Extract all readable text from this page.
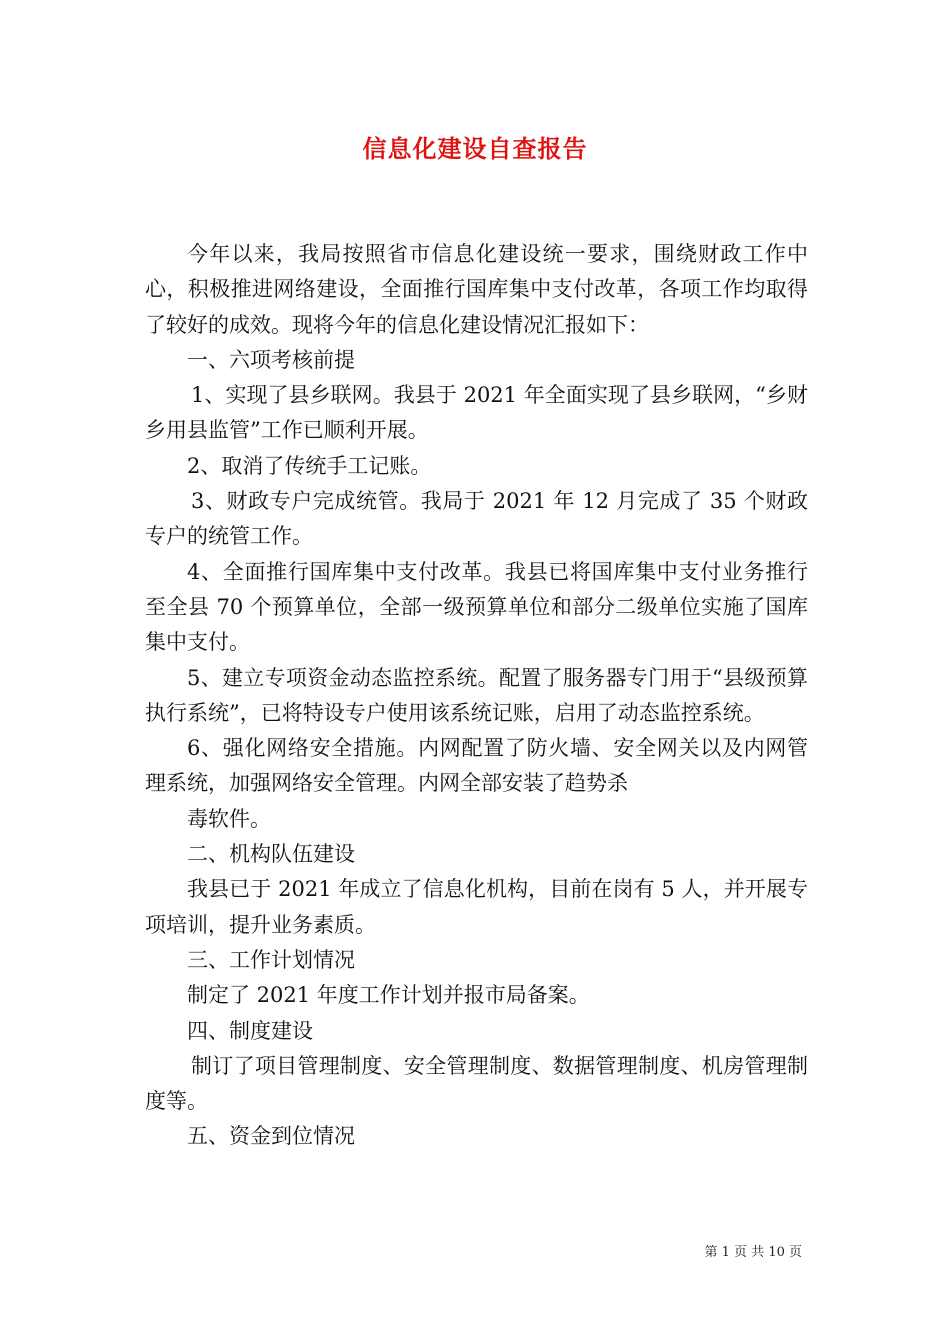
信息化建设自查报告

今年以来，我局按照省市信息化建设统一要求，围绕财政工作中心，积极推进网络建设，全面推行国库集中支付改革，各项工作均取得了较好的成效。现将今年的信息化建设情况汇报如下：

一、六项考核前提

1、实现了县乡联网。我县于 2021 年全面实现了县乡联网，“乡财乡用县监管”工作已顺利开展。

2、取消了传统手工记账。

3、财政专户完成统管。我局于 2021 年 12 月完成了 35 个财政专户的统管工作。

4、全面推行国库集中支付改革。我县已将国库集中支付业务推行至全县 70 个预算单位，全部一级预算单位和部分二级单位实施了国库集中支付。

5、建立专项资金动态监控系统。配置了服务器专门用于“县级预算执行系统”，已将特设专户使用该系统记账，启用了动态监控系统。

6、强化网络安全措施。内网配置了防火墙、安全网关以及内网管理系统，加强网络安全管理。内网全部安装了趋势杀

毒软件。

二、机构队伍建设

我县已于 2021 年成立了信息化机构，目前在岗有 5 人，并开展专项培训，提升业务素质。

三、工作计划情况

制定了 2021 年度工作计划并报市局备案。

四、制度建设

制订了项目管理制度、安全管理制度、数据管理制度、机房管理制度等。

五、资金到位情况

第 1 页 共 10 页
